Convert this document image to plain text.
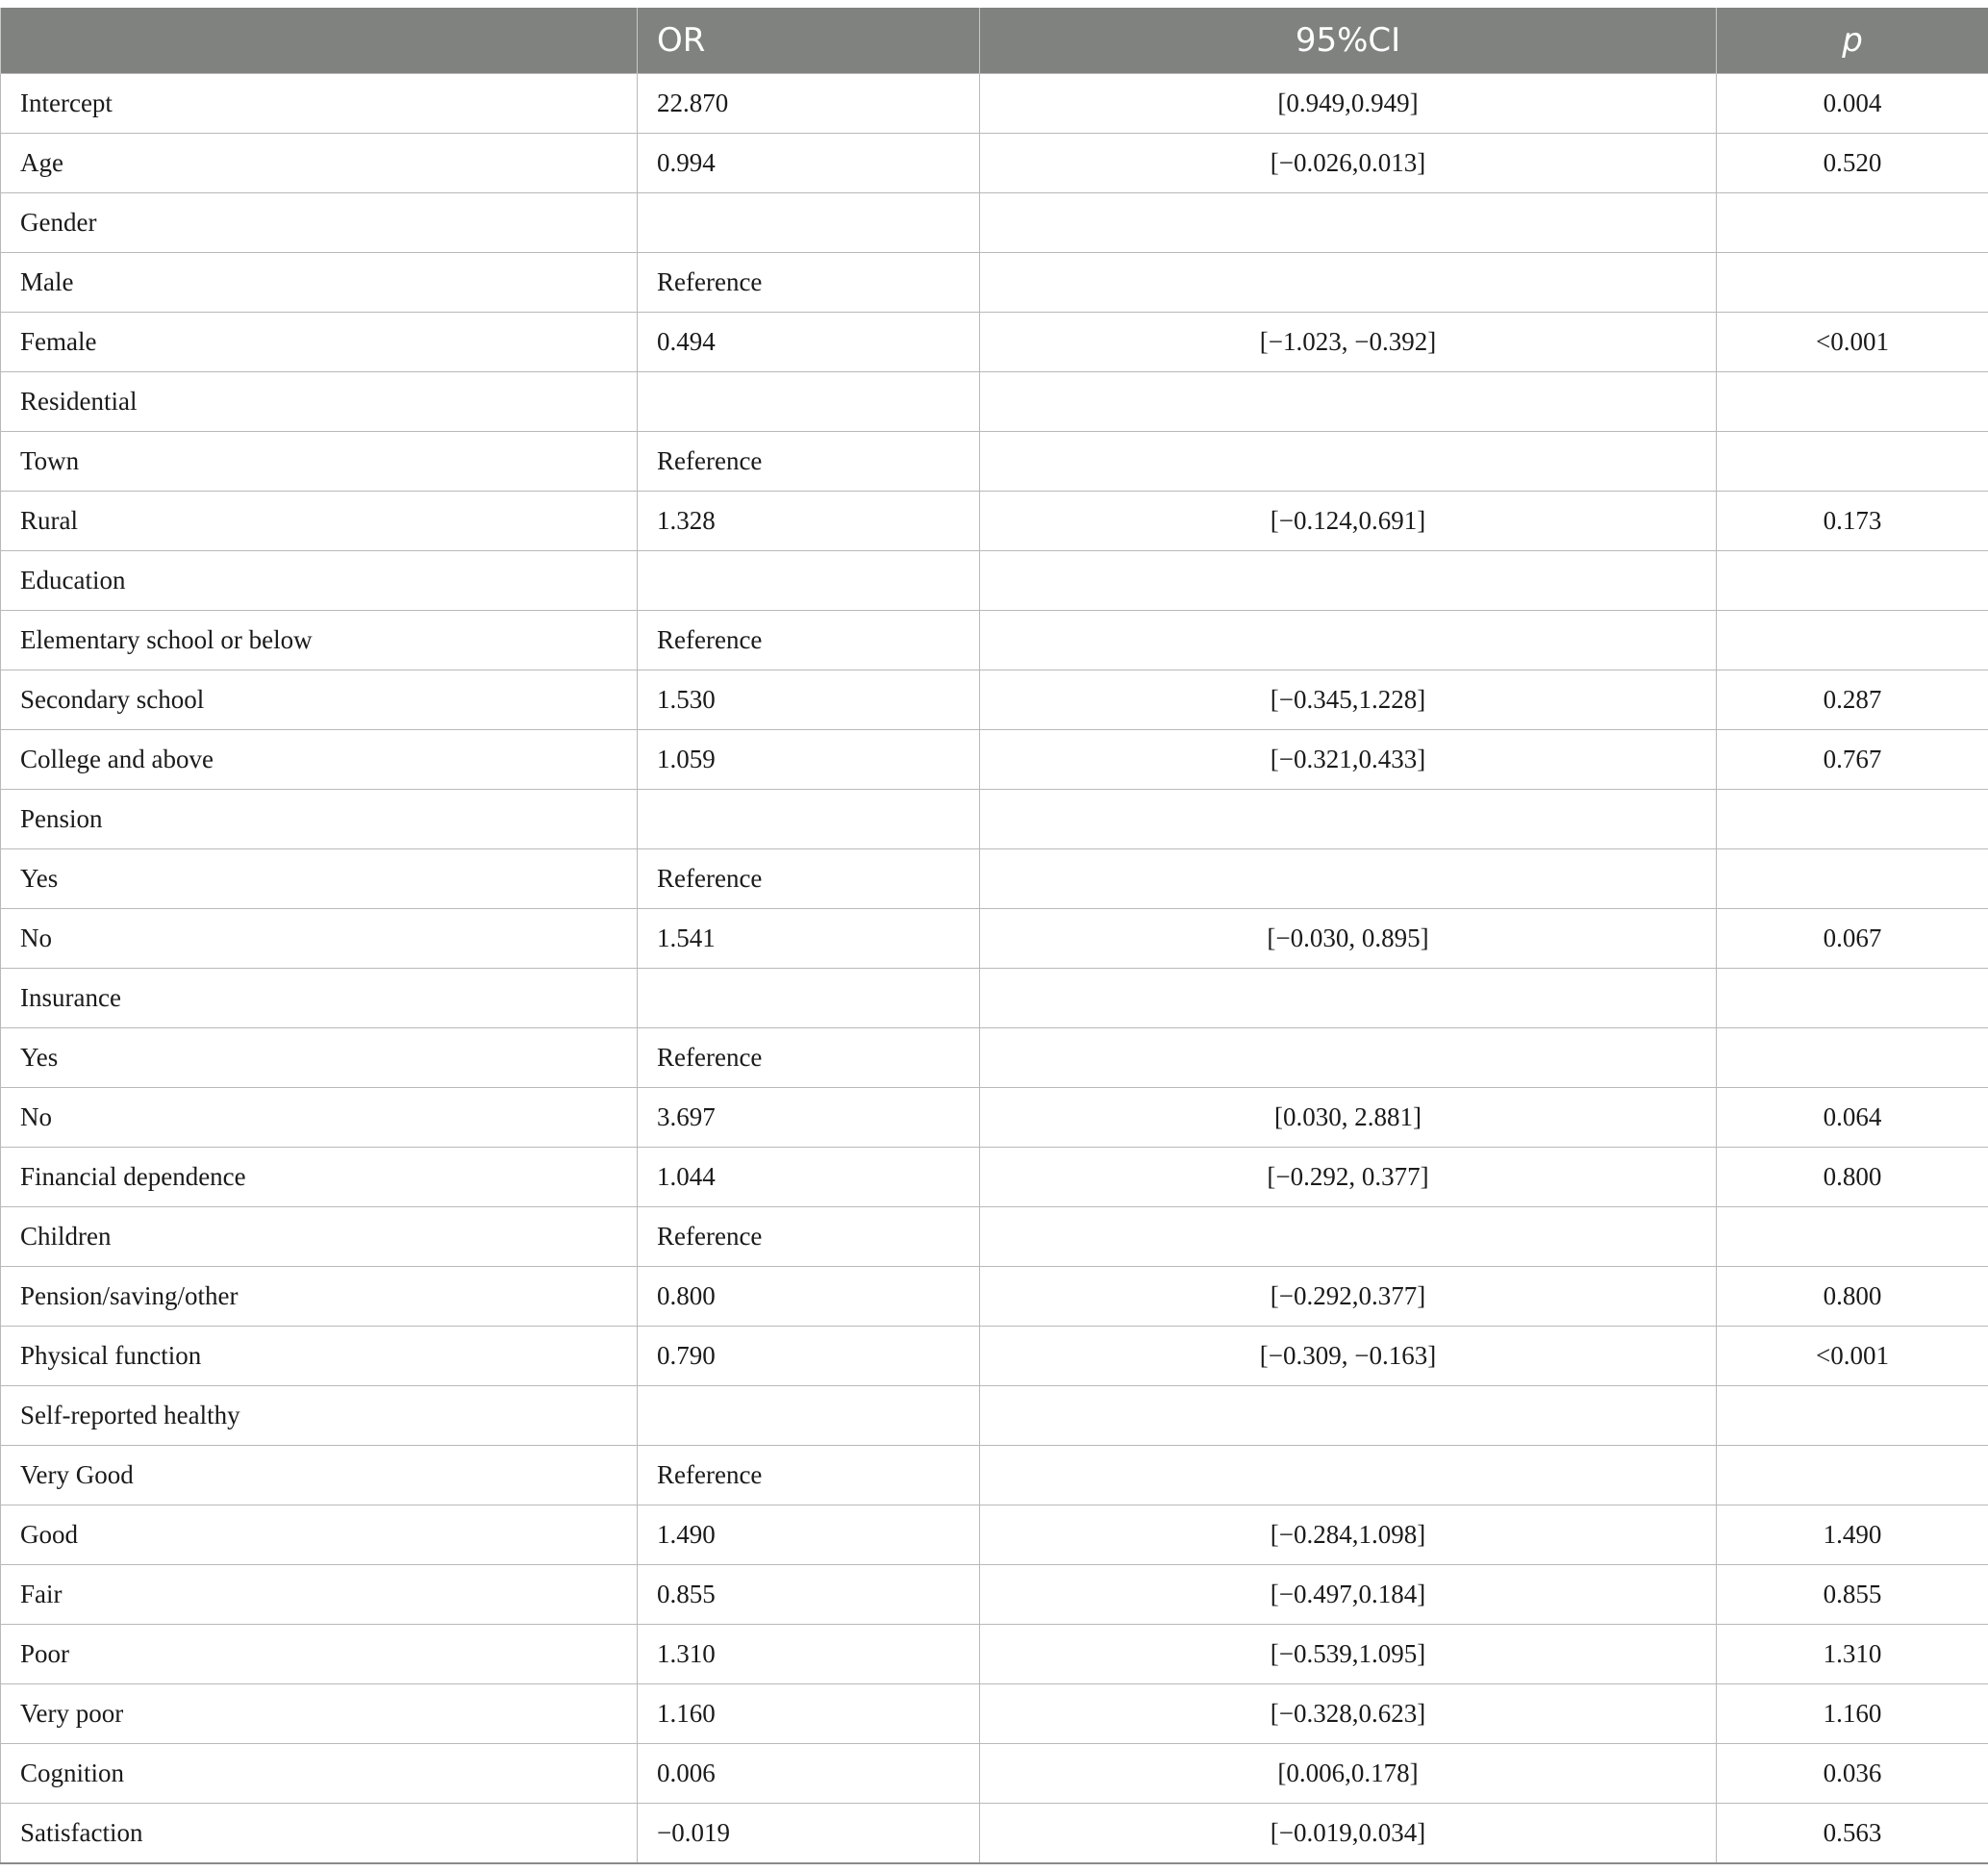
	OR	95%CI	p
Intercept	22.870	[0.949,0.949]	0.004
Age	0.994	[−0.026,0.013]	0.520
Gender			
Male	Reference		
Female	0.494	[−1.023, −0.392]	<0.001
Residential			
Town	Reference		
Rural	1.328	[−0.124,0.691]	0.173
Education			
Elementary school or below	Reference		
Secondary school	1.530	[−0.345,1.228]	0.287
College and above	1.059	[−0.321,0.433]	0.767
Pension			
Yes	Reference		
No	1.541	[−0.030, 0.895]	0.067
Insurance			
Yes	Reference		
No	3.697	[0.030, 2.881]	0.064
Financial dependence	1.044	[−0.292, 0.377]	0.800
Children	Reference		
Pension/saving/other	0.800	[−0.292,0.377]	0.800
Physical function	0.790	[−0.309, −0.163]	<0.001
Self-reported healthy			
Very Good	Reference		
Good	1.490	[−0.284,1.098]	1.490
Fair	0.855	[−0.497,0.184]	0.855
Poor	1.310	[−0.539,1.095]	1.310
Very poor	1.160	[−0.328,0.623]	1.160
Cognition	0.006	[0.006,0.178]	0.036
Satisfaction	−0.019	[−0.019,0.034]	0.563
